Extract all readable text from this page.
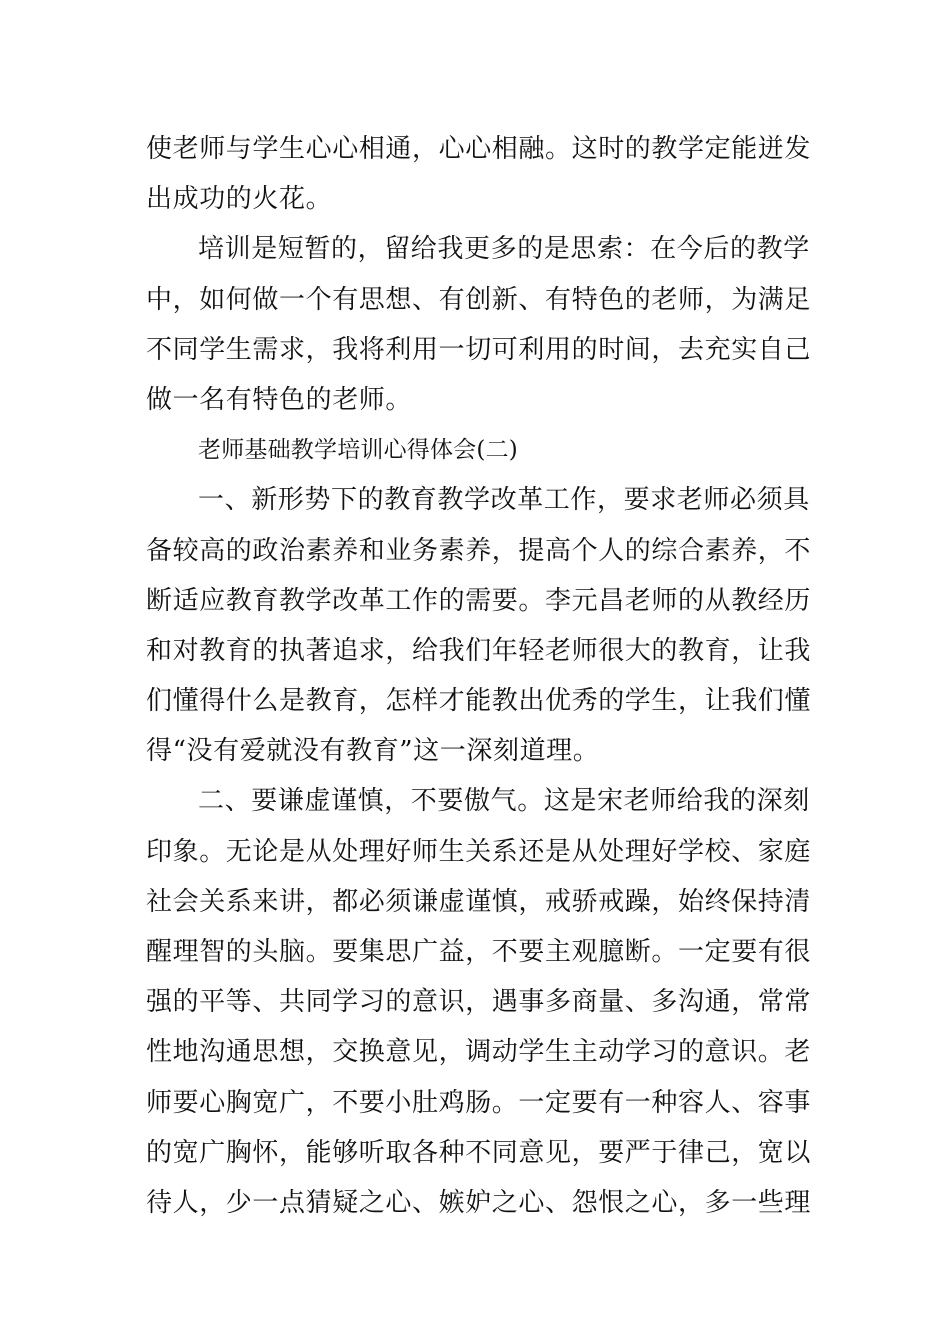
使老师与学生心心相通，心心相融。这时的教学定能迸发
出成功的火花。
培训是短暂的，留给我更多的是思索：在今后的教学
中，如何做一个有思想、有创新、有特色的老师，为满足
不同学生需求，我将利用一切可利用的时间，去充实自己
做一名有特色的老师。
老师基础教学培训心得体会(二)
一、新形势下的教育教学改革工作，要求老师必须具
备较高的政治素养和业务素养，提高个人的综合素养，不
断适应教育教学改革工作的需要。李元昌老师的从教经历
和对教育的执著追求，给我们年轻老师很大的教育，让我
们懂得什么是教育，怎样才能教出优秀的学生，让我们懂
得“没有爱就没有教育”这一深刻道理。
二、要谦虚谨慎，不要傲气。这是宋老师给我的深刻
印象。无论是从处理好师生关系还是从处理好学校、家庭
社会关系来讲，都必须谦虚谨慎，戒骄戒躁，始终保持清
醒理智的头脑。要集思广益，不要主观臆断。一定要有很
强的平等、共同学习的意识，遇事多商量、多沟通，常常
性地沟通思想，交换意见，调动学生主动学习的意识。老
师要心胸宽广，不要小肚鸡肠。一定要有一种容人、容事
的宽广胸怀，能够听取各种不同意见，要严于律己，宽以
待人，少一点猜疑之心、嫉妒之心、怨恨之心，多一些理
